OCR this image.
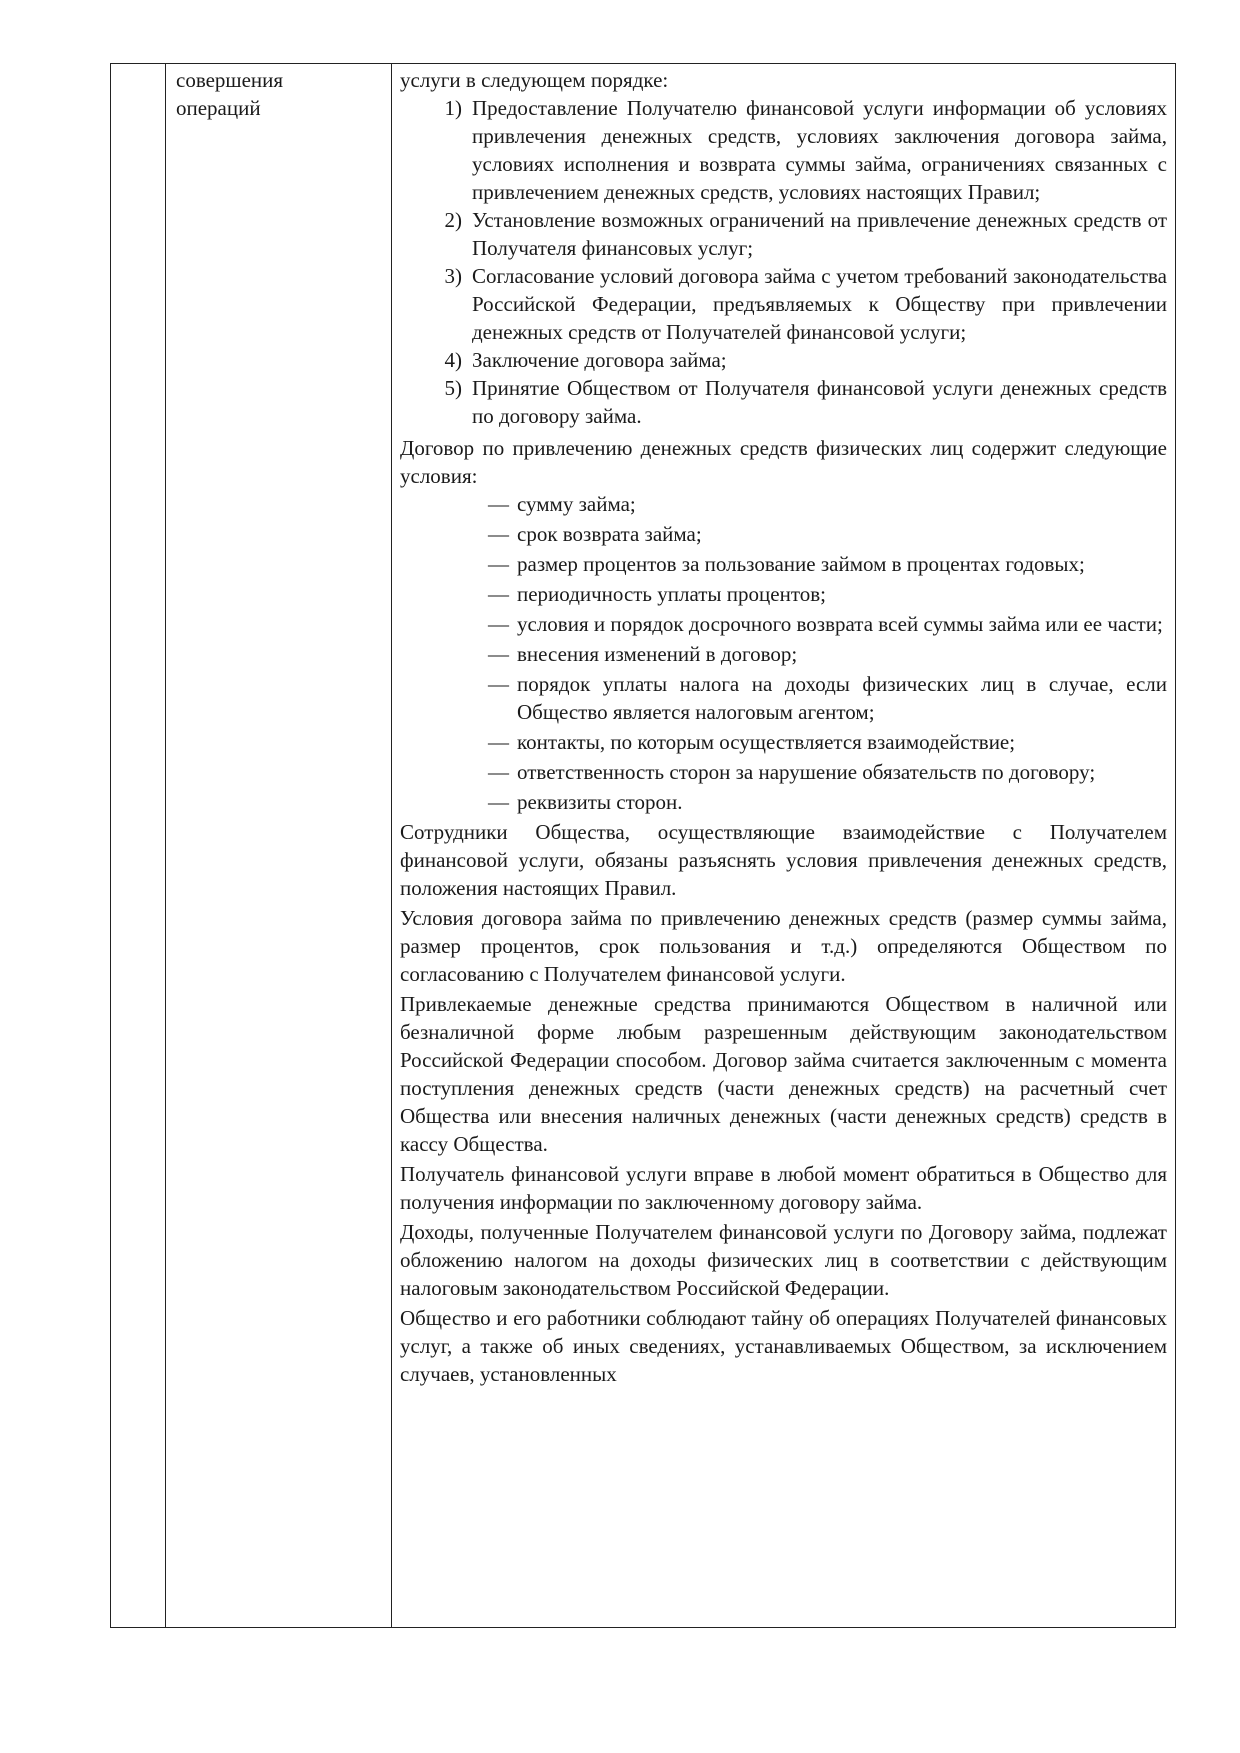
совершения
операций

услуги в следующем порядке:

1) Предоставление Получателю финансовой услуги информации об условиях привлечения денежных средств, условиях заключения договора займа, условиях исполнения и возврата суммы займа, ограничениях связанных с привлечением денежных средств, условиях настоящих Правил;
2) Установление возможных ограничений на привлечение денежных средств от Получателя финансовых услуг;
3) Согласование условий договора займа с учетом требований законодательства Российской Федерации, предъявляемых к Обществу при привлечении денежных средств от Получателей финансовой услуги;
4) Заключение договора займа;
5) Принятие Обществом от Получателя финансовой услуги денежных средств по договору займа.

Договор по привлечению денежных средств физических лиц содержит следующие условия:

— сумму займа;
— срок возврата займа;
— размер процентов за пользование займом в процентах годовых;
— периодичность уплаты процентов;
— условия и порядок досрочного возврата всей суммы займа или ее части;
— внесения изменений в договор;
— порядок уплаты налога на доходы физических лиц в случае, если Общество является налоговым агентом;
— контакты, по которым осуществляется взаимодействие;
— ответственность сторон за нарушение обязательств по договору;
— реквизиты сторон.

Сотрудники Общества, осуществляющие взаимодействие с Получателем финансовой услуги, обязаны разъяснять условия привлечения денежных средств, положения настоящих Правил.

Условия договора займа по привлечению денежных средств (размер суммы займа, размер процентов, срок пользования и т.д.) определяются Обществом по согласованию с Получателем финансовой услуги.

Привлекаемые денежные средства принимаются Обществом в наличной или безналичной форме любым разрешенным действующим законодательством Российской Федерации способом. Договор займа считается заключенным с момента поступления денежных средств (части денежных средств) на расчетный счет Общества или внесения наличных денежных (части денежных средств) средств в кассу Общества.

Получатель финансовой услуги вправе в любой момент обратиться в Общество для получения информации по заключенному договору займа.

Доходы, полученные Получателем финансовой услуги по Договору займа, подлежат обложению налогом на доходы физических лиц в соответствии с действующим налоговым законодательством Российской Федерации.

Общество и его работники соблюдают тайну об операциях Получателей финансовых услуг, а также об иных сведениях, устанавливаемых Обществом, за исключением случаев, установленных
